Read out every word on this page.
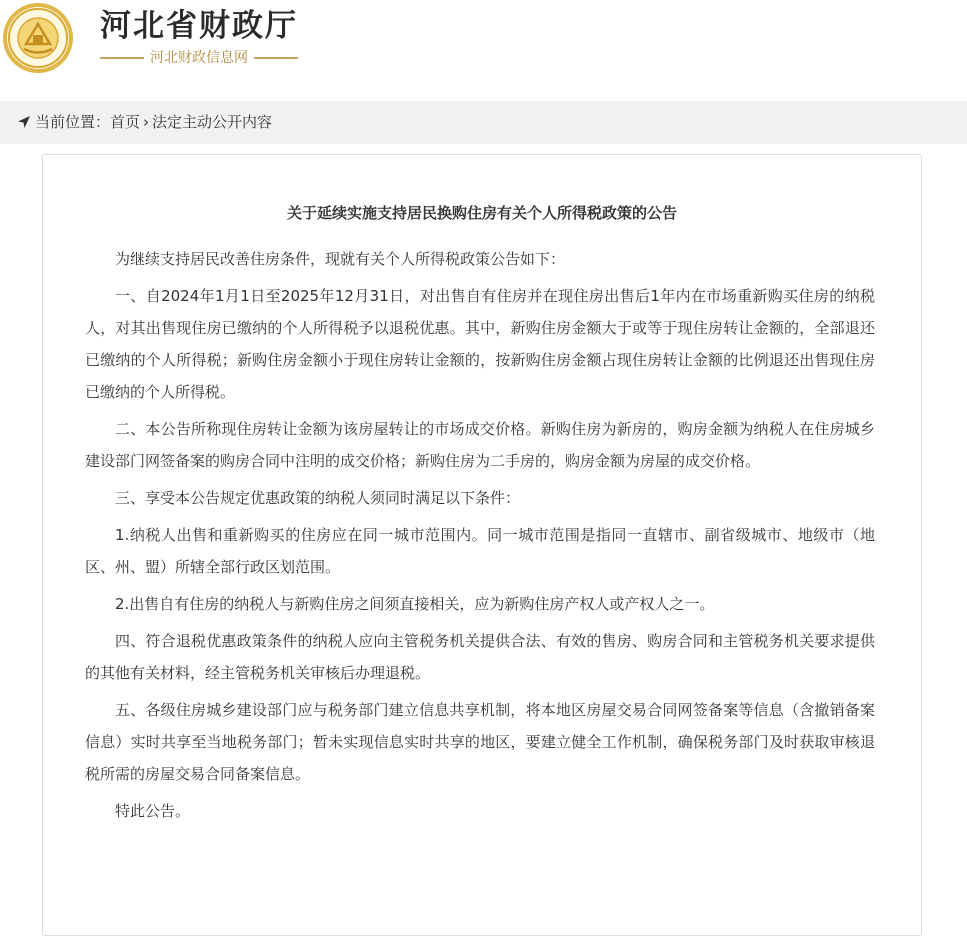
河北省财政厅
河北财政信息网
当前位置：首页 › 法定主动公开内容
关于延续实施支持居民换购住房有关个人所得税政策的公告

为继续支持居民改善住房条件，现就有关个人所得税政策公告如下：

一、自2024年1月1日至2025年12月31日，对出售自有住房并在现住房出售后1年内在市场重新购买住房的纳税人，对其出售现住房已缴纳的个人所得税予以退税优惠。其中，新购住房金额大于或等于现住房转让金额的，全部退还已缴纳的个人所得税；新购住房金额小于现住房转让金额的，按新购住房金额占现住房转让金额的比例退还出售现住房已缴纳的个人所得税。

二、本公告所称现住房转让金额为该房屋转让的市场成交价格。新购住房为新房的，购房金额为纳税人在住房城乡建设部门网签备案的购房合同中注明的成交价格；新购住房为二手房的，购房金额为房屋的成交价格。

三、享受本公告规定优惠政策的纳税人须同时满足以下条件：

1.纳税人出售和重新购买的住房应在同一城市范围内。同一城市范围是指同一直辖市、副省级城市、地级市（地区、州、盟）所辖全部行政区划范围。

2.出售自有住房的纳税人与新购住房之间须直接相关，应为新购住房产权人或产权人之一。

四、符合退税优惠政策条件的纳税人应向主管税务机关提供合法、有效的售房、购房合同和主管税务机关要求提供的其他有关材料，经主管税务机关审核后办理退税。

五、各级住房城乡建设部门应与税务部门建立信息共享机制，将本地区房屋交易合同网签备案等信息（含撤销备案信息）实时共享至当地税务部门；暂未实现信息实时共享的地区，要建立健全工作机制，确保税务部门及时获取审核退税所需的房屋交易合同备案信息。

特此公告。
